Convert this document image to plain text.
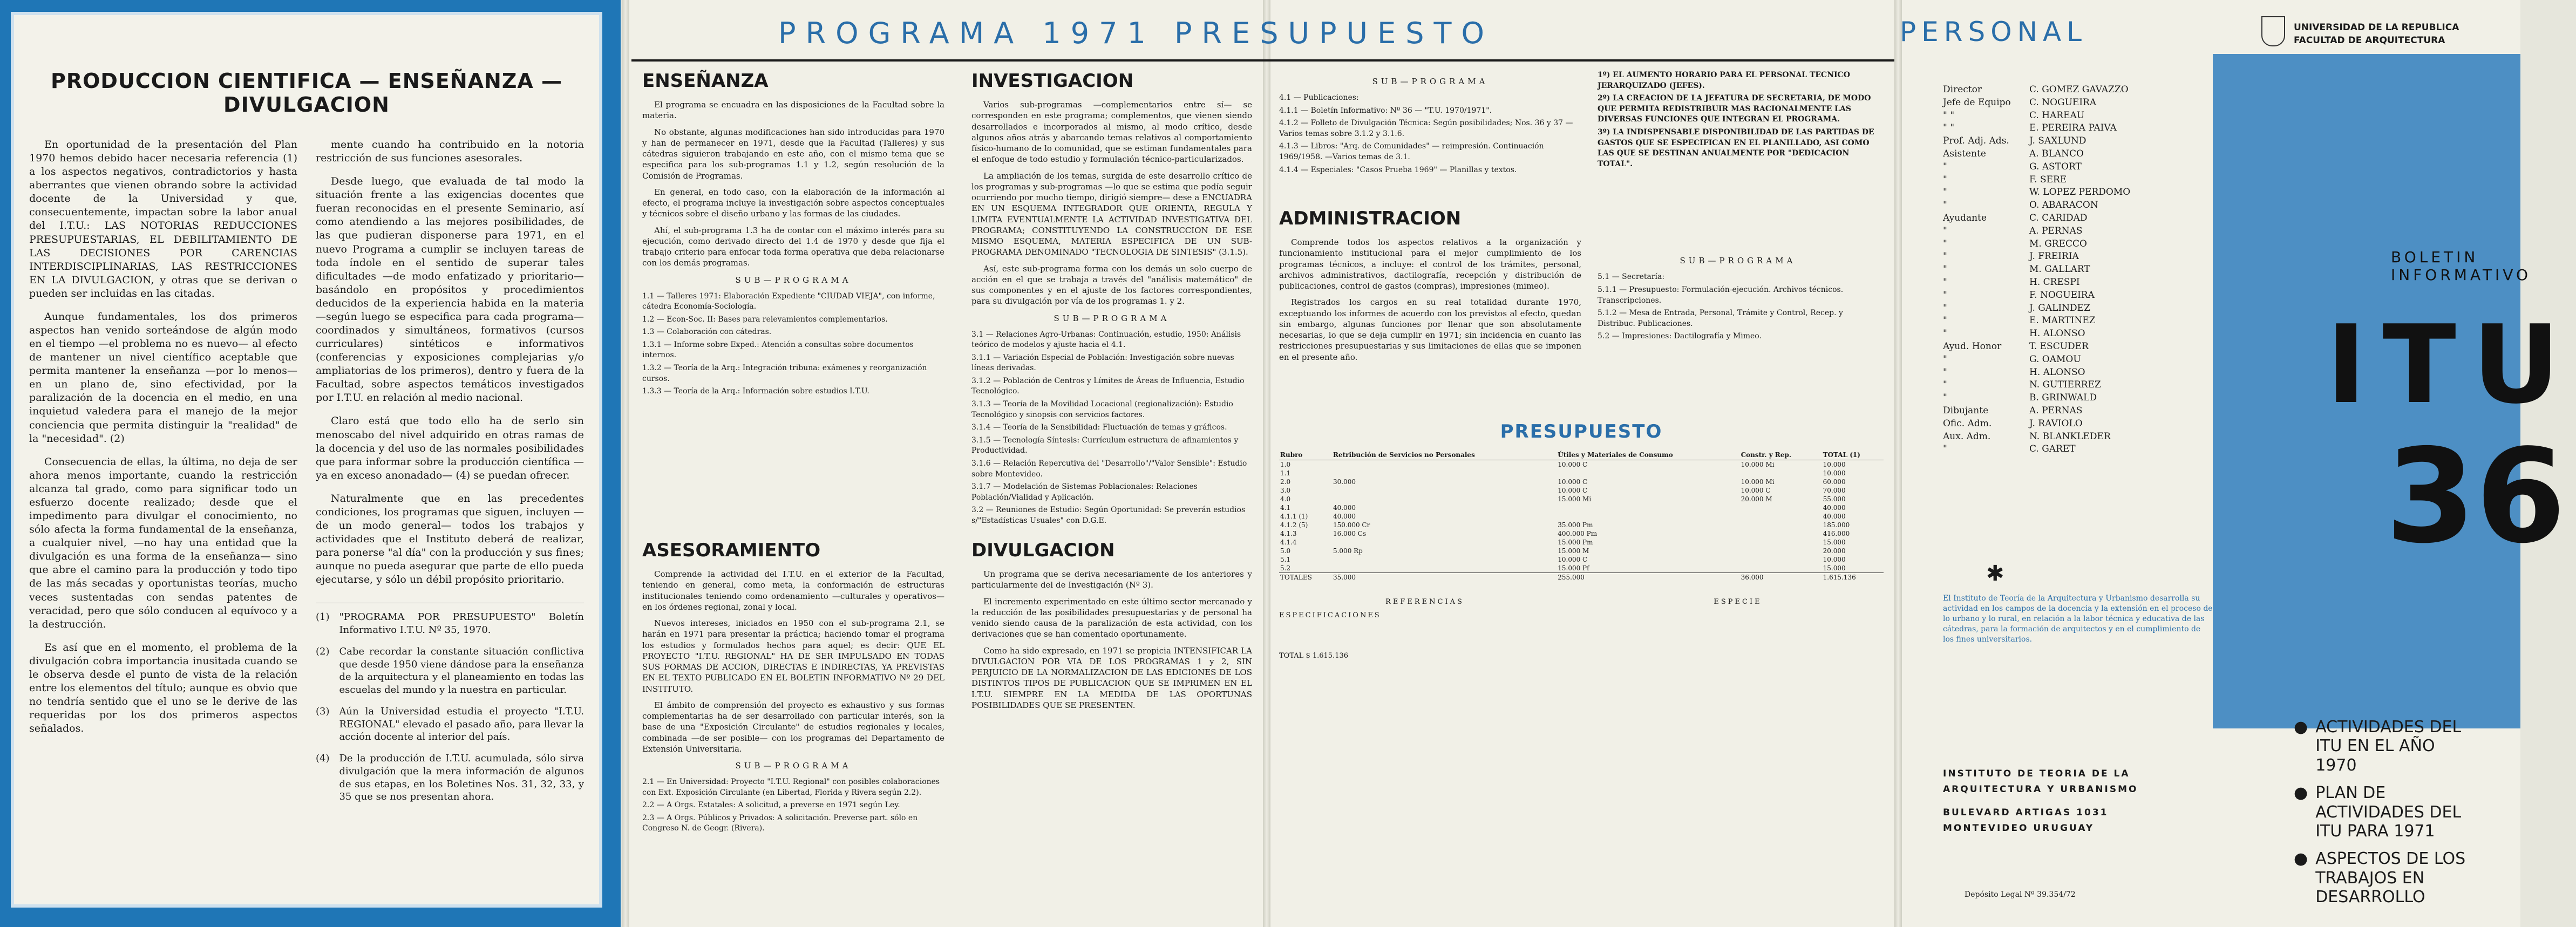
PRODUCCION CIENTIFICA — ENSEÑANZA — DIVULGACION

En oportunidad de la presentación del Plan 1970 hemos debido hacer necesaria referencia (1) a los aspectos negativos, contradictorios y hasta aberrantes que vienen obrando sobre la actividad docente de la Universidad y que, consecuentemente, impactan sobre la labor anual del I.T.U.: LAS NOTORIAS REDUCCIONES PRESUPUESTARIAS, EL DEBILITAMIENTO DE LAS DECISIONES POR CARENCIAS INTERDISCIPLINARIAS, LAS RESTRICCIONES EN LA DIVULGACION, y otras que se derivan o pueden ser incluidas en las citadas.

Aunque fundamentales, los dos primeros aspectos han venido sorteándose de algún modo en el tiempo —el problema no es nuevo— al efecto de mantener un nivel científico aceptable que permita mantener la enseñanza —por lo menos— en un plano de, sino efectividad, por la paralización de la docencia en el medio, en una inquietud valedera para el manejo de la mejor conciencia que permita distinguir la "realidad" de la "necesidad". (2)

Consecuencia de ellas, la última, no deja de ser ahora menos importante, cuando la restricción alcanza tal grado, como para significar todo un esfuerzo docente realizado; desde que el impedimento para divulgar el conocimiento, no sólo afecta la forma fundamental de la enseñanza, a cualquier nivel, —no hay una entidad que la divulgación es una forma de la enseñanza— sino que abre el camino para la producción y todo tipo de las más secadas y oportunistas teorías, mucho veces sustentadas con sendas patentes de veracidad, pero que sólo conducen al equívoco y a la destrucción.

Es así que en el momento, el problema de la divulgación cobra importancia inusitada cuando se le observa desde el punto de vista de la relación entre los elementos del título; aunque es obvio que no tendría sentido que el uno se le derive de las requeridas por los dos primeros aspectos señalados.

mente cuando ha contribuido en la notoria restricción de sus funciones asesorales.

Desde luego, que evaluada de tal modo la situación frente a las exigencias docentes que fueran reconocidas en el presente Seminario, así como atendiendo a las mejores posibilidades, de las que pudieran disponerse para 1971, en el nuevo Programa a cumplir se incluyen tareas de toda índole en el sentido de superar tales dificultades —de modo enfatizado y prioritario— basándolo en propósitos y procedimientos deducidos de la experiencia habida en la materia —según luego se especifica para cada programa— coordinados y simultáneos, formativos (cursos curriculares) sintéticos e informativos (conferencias y exposiciones complejarias y/o ampliatorias de los primeros), dentro y fuera de la Facultad, sobre aspectos temáticos investigados por I.T.U. en relación al medio nacional.

Claro está que todo ello ha de serlo sin menoscabo del nivel adquirido en otras ramas de la docencia y del uso de las normales posibilidades que para informar sobre la producción científica —ya en exceso anonadado— (4) se puedan ofrecer.

Naturalmente que en las precedentes condiciones, los programas que siguen, incluyen —de un modo general— todos los trabajos y actividades que el Instituto deberá de realizar, para ponerse "al día" con la producción y sus fines; aunque no pueda asegurar que parte de ello pueda ejecutarse, y sólo un débil propósito prioritario.

(1) "PROGRAMA POR PRESUPUESTO" Boletín Informativo I.T.U. Nº 35, 1970.
(2) Cabe recordar la constante situación conflictiva que desde 1950 viene dándose para la enseñanza de la arquitectura y el planeamiento en todas las escuelas del mundo y la nuestra en particular.
(3) Aún la Universidad estudia el proyecto "I.T.U. REGIONAL" elevado el pasado año, para llevar la acción docente al interior del país.
(4) De la producción de I.T.U. acumulada, sólo sirva divulgación que la mera información de algunos de sus etapas, en los Boletines Nos. 31, 32, 33, y 35 que se nos presentan ahora.
PROGRAMA 1971 PRESUPUESTO
ENSEÑANZA

El programa se encuadra en las disposiciones de la Facultad sobre la materia.

No obstante, algunas modificaciones han sido introducidas para 1970 y han de permanecer en 1971, desde que la Facultad (Talleres) y sus cátedras siguieron trabajando en este año, con el mismo tema que se especifica para los sub-programas 1.1 y 1.2, según resolución de la Comisión de Programas.

En general, en todo caso, con la elaboración de la información al efecto, el programa incluye la investigación sobre aspectos conceptuales y técnicos sobre el diseño urbano y las formas de las ciudades.

Ahí, el sub-programa 1.3 ha de contar con el máximo interés para su ejecución, como derivado directo del 1.4 de 1970 y desde que fija el trabajo criterio para enfocar toda forma operativa que deba relacionarse con los demás programas.

SUB—PROGRAMA
1.1 — Talleres 1971: Elaboración Expediente "CIUDAD VIEJA", con informe, cátedra Economía-Sociología.
1.2 — Econ-Soc. II: Bases para relevamientos complementarios.
1.3 — Colaboración con cátedras.
1.3.1 — Informe sobre Exped.: Atención a consultas sobre documentos internos.
1.3.2 — Teoría de la Arq.: Integración tribuna: exámenes y reorganización cursos.
1.3.3 — Teoría de la Arq.: Información sobre estudios I.T.U.
ASESORAMIENTO

Comprende la actividad del I.T.U. en el exterior de la Facultad, teniendo en general, como meta, la conformación de estructuras institucionales teniendo como ordenamiento —culturales y operativos— en los órdenes regional, zonal y local.

Nuevos intereses, iniciados en 1950 con el sub-programa 2.1, se harán en 1971 para presentar la práctica; haciendo tomar el programa los estudios y formulados hechos para aquel; es decir: QUE EL PROYECTO "I.T.U. REGIONAL" HA DE SER IMPULSADO EN TODAS SUS FORMAS DE ACCION, DIRECTAS E INDIRECTAS, YA PREVISTAS EN EL TEXTO PUBLICADO EN EL BOLETIN INFORMATIVO Nº 29 DEL INSTITUTO.

El ámbito de comprensión del proyecto es exhaustivo y sus formas complementarias ha de ser desarrollado con particular interés, son la base de una "Exposición Circulante" de estudios regionales y locales, combinada —de ser posible— con los programas del Departamento de Extensión Universitaria.

SUB—PROGRAMA
2.1 — En Universidad: Proyecto "I.T.U. Regional" con posibles colaboraciones con Ext. Exposición Circulante (en Libertad, Florida y Rivera según 2.2).
2.2 — A Orgs. Estatales: A solicitud, a preverse en 1971 según Ley.
2.3 — A Orgs. Públicos y Privados: A solicitación. Preverse part. sólo en Congreso N. de Geogr. (Rivera).
INVESTIGACION

Varios sub-programas —complementarios entre sí— se corresponden en este programa; complementos, que vienen siendo desarrollados e incorporados al mismo, al modo crítico, desde algunos años atrás y abarcando temas relativos al comportamiento físico-humano de lo comunidad, que se estiman fundamentales para el enfoque de todo estudio y formulación técnico-particularizados.

La ampliación de los temas, surgida de este desarrollo crítico de los programas y sub-programas —lo que se estima que podía seguir ocurriendo por mucho tiempo, dirigió siempre— dese a ENCUADRA EN UN ESQUEMA INTEGRADOR QUE ORIENTA, REGULA Y LIMITA EVENTUALMENTE LA ACTIVIDAD INVESTIGATIVA DEL PROGRAMA; CONSTITUYENDO LA CONSTRUCCION DE ESE MISMO ESQUEMA, MATERIA ESPECIFICA DE UN SUB-PROGRAMA DENOMINADO "TECNOLOGIA DE SINTESIS" (3.1.5).

Así, este sub-programa forma con los demás un solo cuerpo de acción en el que se trabaja a través del "análisis matemático" de sus componentes y en el ajuste de los factores correspondientes, para su divulgación por vía de los programas 1. y 2.

SUB—PROGRAMA
3.1 — Relaciones Agro-Urbanas: Continuación, estudio, 1950: Análisis teórico de modelos y ajuste hacia el 4.1.
3.1.1 — Variación Especial de Población: Investigación sobre nuevas líneas derivadas.
3.1.2 — Población de Centros y Límites de Áreas de Influencia, Estudio Tecnológico.
3.1.3 — Teoría de la Movilidad Locacional (regionalización): Estudio Tecnológico y sinopsis con servicios factores.
3.1.4 — Teoría de la Sensibilidad: Fluctuación de temas y gráficos.
3.1.5 — Tecnología Síntesis: Currículum estructura de afinamientos y Productividad.
3.1.6 — Relación Repercutiva del "Desarrollo"/"Valor Sensible": Estudio sobre Montevideo.
3.1.7 — Modelación de Sistemas Poblacionales: Relaciones Población/Vialidad y Aplicación.
3.2 — Reuniones de Estudio: Según Oportunidad: Se preverán estudios s/"Estadísticas Usuales" con D.G.E.
DIVULGACION

Un programa que se deriva necesariamente de los anteriores y particularmente del de Investigación (Nº 3).

El incremento experimentado en este último sector mercanado y la reducción de las posibilidades presupuestarias y de personal ha venido siendo causa de la paralización de esta actividad, con los derivaciones que se han comentado oportunamente.

Como ha sido expresado, en 1971 se propicia INTENSIFICAR LA DIVULGACION POR VIA DE LOS PROGRAMAS 1 y 2, SIN PERJUICIO DE LA NORMALIZACION DE LAS EDICIONES DE LOS DISTINTOS TIPOS DE PUBLICACION QUE SE IMPRIMEN EN EL I.T.U. SIEMPRE EN LA MEDIDA DE LAS OPORTUNAS POSIBILIDADES QUE SE PRESENTEN.

SUB—PROGRAMA
4.1 — Publicaciones:
4.1.1 — Boletín Informativo: Nº 36 — "T.U. 1970/1971".
4.1.2 — Folleto de Divulgación Técnica: Según posibilidades; Nos. 36 y 37 — Varios temas sobre 3.1.2 y 3.1.6.
4.1.3 — Libros: "Arq. de Comunidades" — reimpresión. Continuación 1969/1958. —Varios temas de 3.1.
4.1.4 — Especiales: "Casos Prueba 1969" — Planillas y textos.
ADMINISTRACION

Comprende todos los aspectos relativos a la organización y funcionamiento institucional para el mejor cumplimiento de los programas técnicos, a incluye: el control de los trámites, personal, archivos administrativos, dactilografía, recepción y distribución de publicaciones, control de gastos (compras), impresiones (mimeo).

Registrados los cargos en su real totalidad durante 1970, exceptuando los informes de acuerdo con los previstos al efecto, quedan sin embargo, algunas funciones por llenar que son absolutamente necesarias, lo que se deja cumplir en 1971; sin incidencia en cuanto las restricciones presupuestarias y sus limitaciones de ellas que se imponen en el presente año.

1º) EL AUMENTO HORARIO PARA EL PERSONAL TECNICO JERARQUIZADO (JEFES).
2º) LA CREACION DE LA JEFATURA DE SECRETARIA, DE MODO QUE PERMITA REDISTRIBUIR MAS RACIONALMENTE LAS DIVERSAS FUNCIONES QUE INTEGRAN EL PROGRAMA.
3º) LA INDISPENSABLE DISPONIBILIDAD DE LAS PARTIDAS DE GASTOS QUE SE ESPECIFICAN EN EL PLANILLADO, ASI COMO LAS QUE SE DESTINAN ANUALMENTE POR "DEDICACION TOTAL".
SUB—PROGRAMA
5.1 — Secretaría:
5.1.1 — Presupuesto: Formulación-ejecución. Archivos técnicos. Transcripciones.
5.1.2 — Mesa de Entrada, Personal, Trámite y Control, Recep. y Distribuc. Publicaciones.
5.2 — Impresiones: Dactilografía y Mimeo.
PRESUPUESTO
Rubro	Retribución de Servicios no Personales	Útiles y Materiales de Consumo	Constr. y Rep.	TOTAL (1)
1.0		10.000 C	10.000 Mi	10.000
1.1				10.000
2.0	30.000	10.000 C	10.000 Mi	60.000
3.0		10.000 C	10.000 C	70.000
4.0		15.000 Mi	20.000 M	55.000
4.1	40.000			40.000
4.1.1 (1)	40.000			40.000
4.1.2 (5)	150.000 Cr	35.000 Pm		185.000
4.1.3	16.000 Cs	400.000 Pm		416.000
4.1.4		15.000 Pm		15.000
5.0	5.000 Rp	15.000 M		20.000
5.1		10.000 C		10.000
5.2		15.000 Pf		15.000
TOTALES	35.000	255.000	36.000	1.615.136
REFERENCIAS
ESPECIFICACIONES
TOTAL $ 1.615.136
ESPECIE
PERSONAL	UNIVERSIDAD DE LA REPUBLICA
FACULTAD DE ARQUITECTURA
Director	C. GOMEZ GAVAZZO
Jefe de Equipo	C. NOGUEIRA
" "	C. HAREAU
" "	E. PEREIRA PAIVA
Prof. Adj. Ads.	J. SAXLUND
Asistente	A. BLANCO
"	G. ASTORT
"	F. SERE
"	W. LOPEZ PERDOMO
"	O. ABARACON
Ayudante	C. CARIDAD
"	A. PERNAS
"	M. GRECCO
"	J. FREIRIA
"	M. GALLART
"	H. CRESPI
"	F. NOGUEIRA
"	J. GALINDEZ
"	E. MARTINEZ
"	H. ALONSO
Ayud. Honor	T. ESCUDER
"	G. OAMOU
"	H. ALONSO
"	N. GUTIERREZ
"	B. GRINWALD
Dibujante	A. PERNAS
Ofic. Adm.	J. RAVIOLO
Aux. Adm.	N. BLANKLEDER
"	C. GARET
BOLETIN INFORMATIVO
ITU
36
✱
El Instituto de Teoría de la Arquitectura y Urbanismo desarrolla su actividad en los campos de la docencia y la extensión en el proceso de lo urbano y lo rural, en relación a la labor técnica y educativa de las cátedras, para la formación de arquitectos y en el cumplimiento de los fines universitarios.
INSTITUTO DE TEORIA DE LA ARQUITECTURA Y URBANISMO
BULEVARD ARTIGAS 1031
MONTEVIDEO URUGUAY
Depósito Legal Nº 39.354/72
● ACTIVIDADES DEL ITU EN EL AÑO 1970
● PLAN DE ACTIVIDADES DEL ITU PARA 1971
● ASPECTOS DE LOS TRABAJOS EN DESARROLLO
